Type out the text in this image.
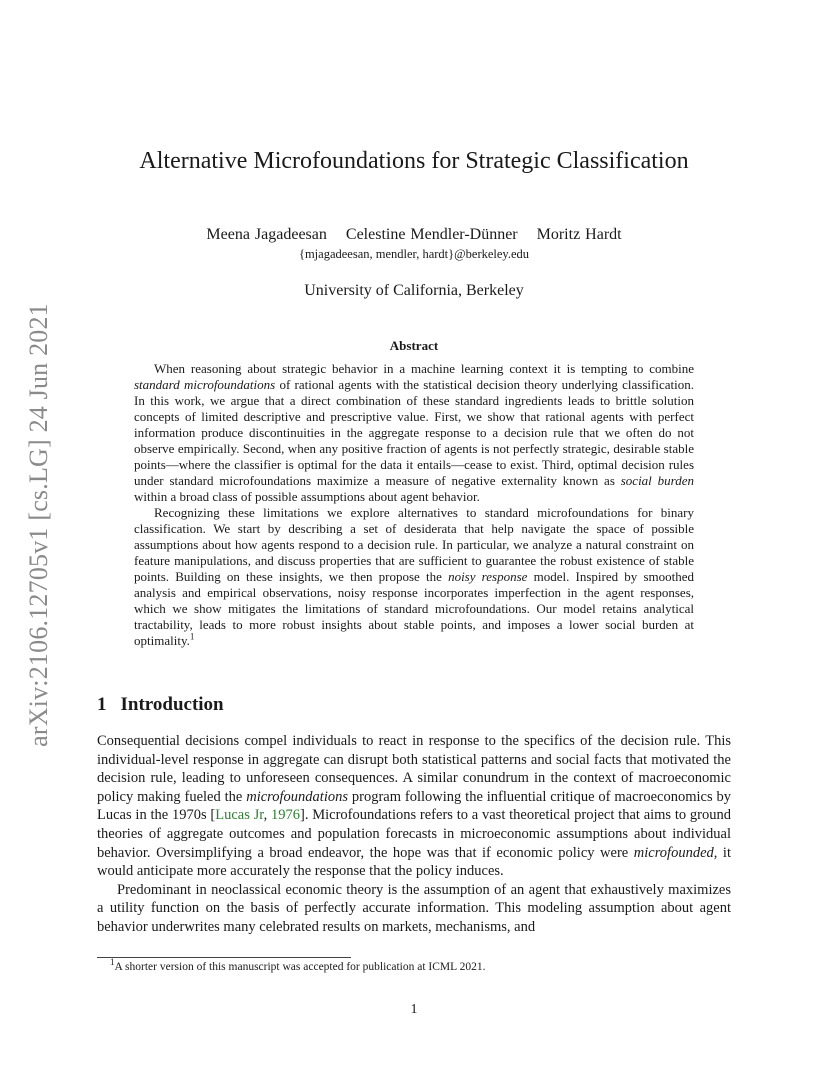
arXiv:2106.12705v1 [cs.LG] 24 Jun 2021
Alternative Microfoundations for Strategic Classification
Meena Jagadeesan Celestine Mendler-Dünner Moritz Hardt
{mjagadeesan, mendler, hardt}@berkeley.edu
University of California, Berkeley
Abstract

When reasoning about strategic behavior in a machine learning context it is tempting to combine standard microfoundations of rational agents with the statistical decision theory underlying classification. In this work, we argue that a direct combination of these standard ingredients leads to brittle solution concepts of limited descriptive and prescriptive value. First, we show that rational agents with perfect information produce discontinuities in the aggregate response to a decision rule that we often do not observe empirically. Second, when any positive fraction of agents is not perfectly strategic, desirable stable points—where the classifier is optimal for the data it entails—cease to exist. Third, optimal decision rules under standard microfoundations maximize a measure of negative externality known as social burden within a broad class of possible assumptions about agent behavior.

Recognizing these limitations we explore alternatives to standard microfoundations for binary classification. We start by describing a set of desiderata that help navigate the space of possible assumptions about how agents respond to a decision rule. In particular, we analyze a natural constraint on feature manipulations, and discuss properties that are sufficient to guarantee the robust existence of stable points. Building on these insights, we then propose the noisy response model. Inspired by smoothed analysis and empirical observations, noisy response incorporates imperfection in the agent responses, which we show mitigates the limitations of standard microfoundations. Our model retains analytical tractability, leads to more robust insights about stable points, and imposes a lower social burden at optimality.$^1$

1 Introduction

Consequential decisions compel individuals to react in response to the specifics of the decision rule. This individual-level response in aggregate can disrupt both statistical patterns and social facts that motivated the decision rule, leading to unforeseen consequences. A similar conundrum in the context of macroeconomic policy making fueled the microfoundations program following the influential critique of macroeconomics by Lucas in the 1970s [Lucas Jr, 1976]. Microfoundations refers to a vast theoretical project that aims to ground theories of aggregate outcomes and population forecasts in microeconomic assumptions about individual behavior. Oversimplifying a broad endeavor, the hope was that if economic policy were microfounded, it would anticipate more accurately the response that the policy induces.

Predominant in neoclassical economic theory is the assumption of an agent that exhaustively maximizes a utility function on the basis of perfectly accurate information. This modeling assumption about agent behavior underwrites many celebrated results on markets, mechanisms, and

$^1$A shorter version of this manuscript was accepted for publication at ICML 2021.
1
